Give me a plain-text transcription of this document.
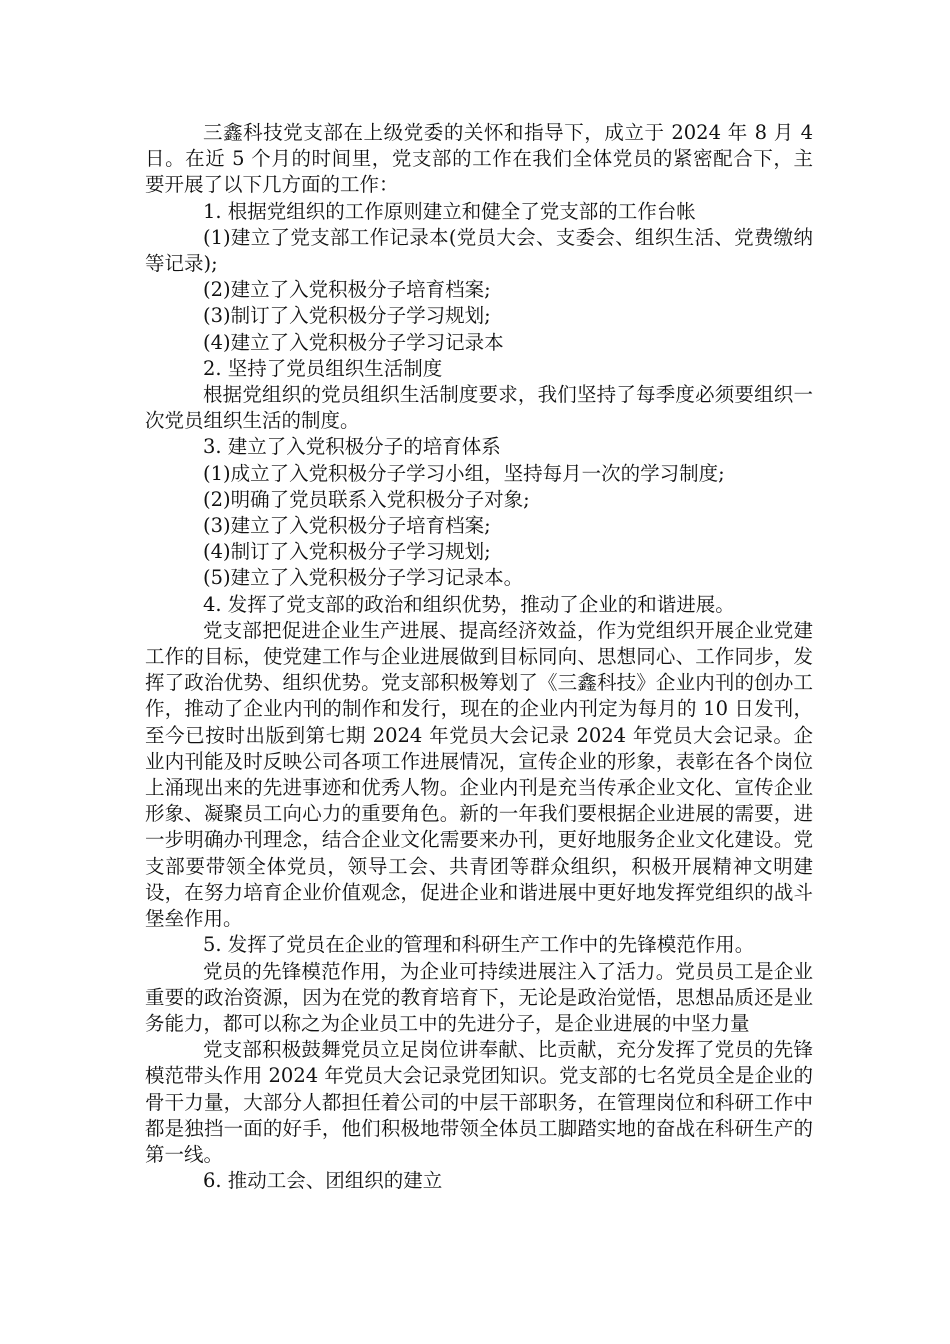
三鑫科技党支部在上级党委的关怀和指导下，成立于 2024 年 8 月 4 日。在近 5 个月的时间里，党支部的工作在我们全体党员的紧密配合下，主要开展了以下几方面的工作：

1. 根据党组织的工作原则建立和健全了党支部的工作台帐

(1)建立了党支部工作记录本(党员大会、支委会、组织生活、党费缴纳等记录);

(2)建立了入党积极分子培育档案;

(3)制订了入党积极分子学习规划;

(4)建立了入党积极分子学习记录本

2. 坚持了党员组织生活制度

根据党组织的党员组织生活制度要求，我们坚持了每季度必须要组织一次党员组织生活的制度。

3. 建立了入党积极分子的培育体系

(1)成立了入党积极分子学习小组，坚持每月一次的学习制度;

(2)明确了党员联系入党积极分子对象;

(3)建立了入党积极分子培育档案;

(4)制订了入党积极分子学习规划;

(5)建立了入党积极分子学习记录本。

4. 发挥了党支部的政治和组织优势，推动了企业的和谐进展。

党支部把促进企业生产进展、提高经济效益，作为党组织开展企业党建工作的目标，使党建工作与企业进展做到目标同向、思想同心、工作同步，发挥了政治优势、组织优势。党支部积极筹划了《三鑫科技》企业内刊的创办工作，推动了企业内刊的制作和发行，现在的企业内刊定为每月的 10 日发刊，至今已按时出版到第七期 2024 年党员大会记录 2024 年党员大会记录。企业内刊能及时反映公司各项工作进展情况，宣传企业的形象，表彰在各个岗位上涌现出来的先进事迹和优秀人物。企业内刊是充当传承企业文化、宣传企业形象、凝聚员工向心力的重要角色。新的一年我们要根据企业进展的需要，进一步明确办刊理念，结合企业文化需要来办刊，更好地服务企业文化建设。党支部要带领全体党员，领导工会、共青团等群众组织，积极开展精神文明建设，在努力培育企业价值观念，促进企业和谐进展中更好地发挥党组织的战斗堡垒作用。

5. 发挥了党员在企业的管理和科研生产工作中的先锋模范作用。

党员的先锋模范作用，为企业可持续进展注入了活力。党员员工是企业重要的政治资源，因为在党的教育培育下，无论是政治觉悟，思想品质还是业务能力，都可以称之为企业员工中的先进分子，是企业进展的中坚力量

党支部积极鼓舞党员立足岗位讲奉献、比贡献，充分发挥了党员的先锋模范带头作用 2024 年党员大会记录党团知识。党支部的七名党员全是企业的骨干力量，大部分人都担任着公司的中层干部职务，在管理岗位和科研工作中都是独挡一面的好手，他们积极地带领全体员工脚踏实地的奋战在科研生产的第一线。

6. 推动工会、团组织的建立
